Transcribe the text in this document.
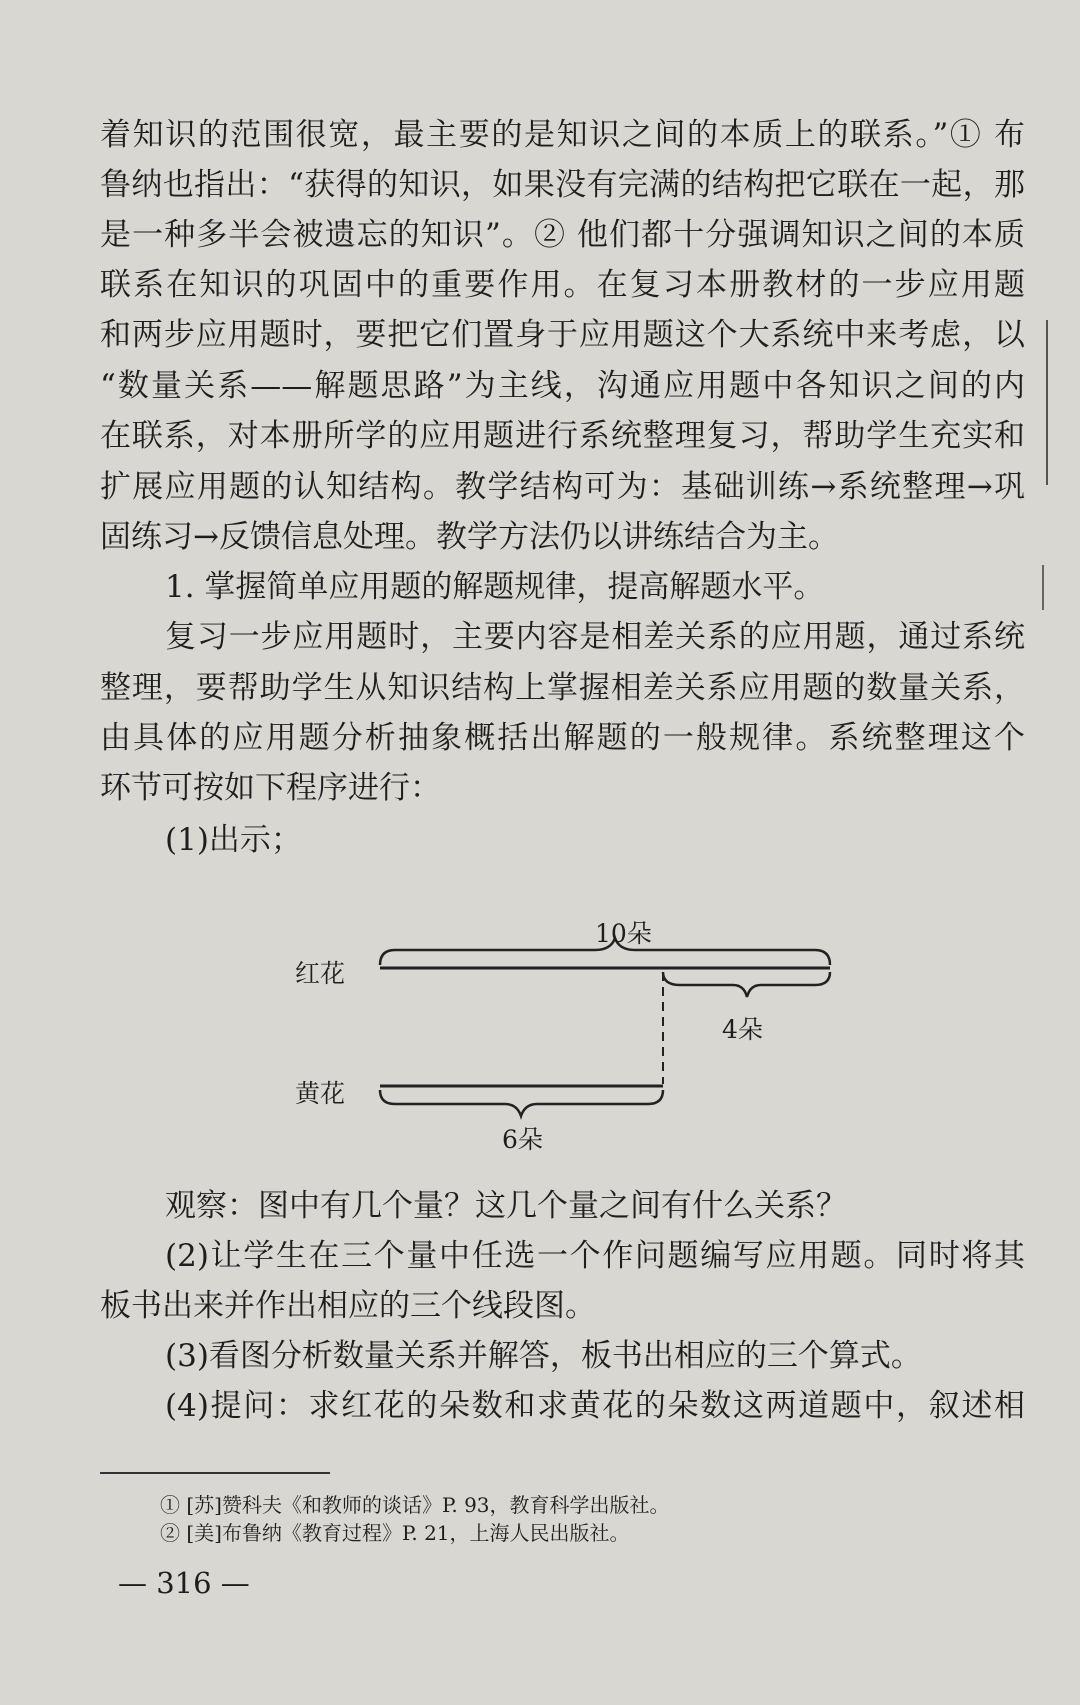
着知识的范围很宽，最主要的是知识之间的本质上的联系。”① 布
鲁纳也指出：“获得的知识，如果没有完满的结构把它联在一起，那
是一种多半会被遗忘的知识”。② 他们都十分强调知识之间的本质
联系在知识的巩固中的重要作用。在复习本册教材的一步应用题
和两步应用题时，要把它们置身于应用题这个大系统中来考虑，以
“数量关系——解题思路”为主线，沟通应用题中各知识之间的内
在联系，对本册所学的应用题进行系统整理复习，帮助学生充实和
扩展应用题的认知结构。教学结构可为：基础训练→系统整理→巩
固练习→反馈信息处理。教学方法仍以讲练结合为主。
1. 掌握简单应用题的解题规律，提高解题水平。
复习一步应用题时，主要内容是相差关系的应用题，通过系统
整理，要帮助学生从知识结构上掌握相差关系应用题的数量关系，
由具体的应用题分析抽象概括出解题的一般规律。系统整理这个
环节可按如下程序进行：
(1)出示；
10朵
红花
4朵
黄花
6朵
观察：图中有几个量？这几个量之间有什么关系？
(2)让学生在三个量中任选一个作问题编写应用题。同时将其
板书出来并作出相应的三个线段图。
(3)看图分析数量关系并解答，板书出相应的三个算式。
(4)提问：求红花的朵数和求黄花的朵数这两道题中，叙述相
① [苏]赞科夫《和教师的谈话》P. 93，教育科学出版社。
② [美]布鲁纳《教育过程》P. 21，上海人民出版社。
— 316 —
